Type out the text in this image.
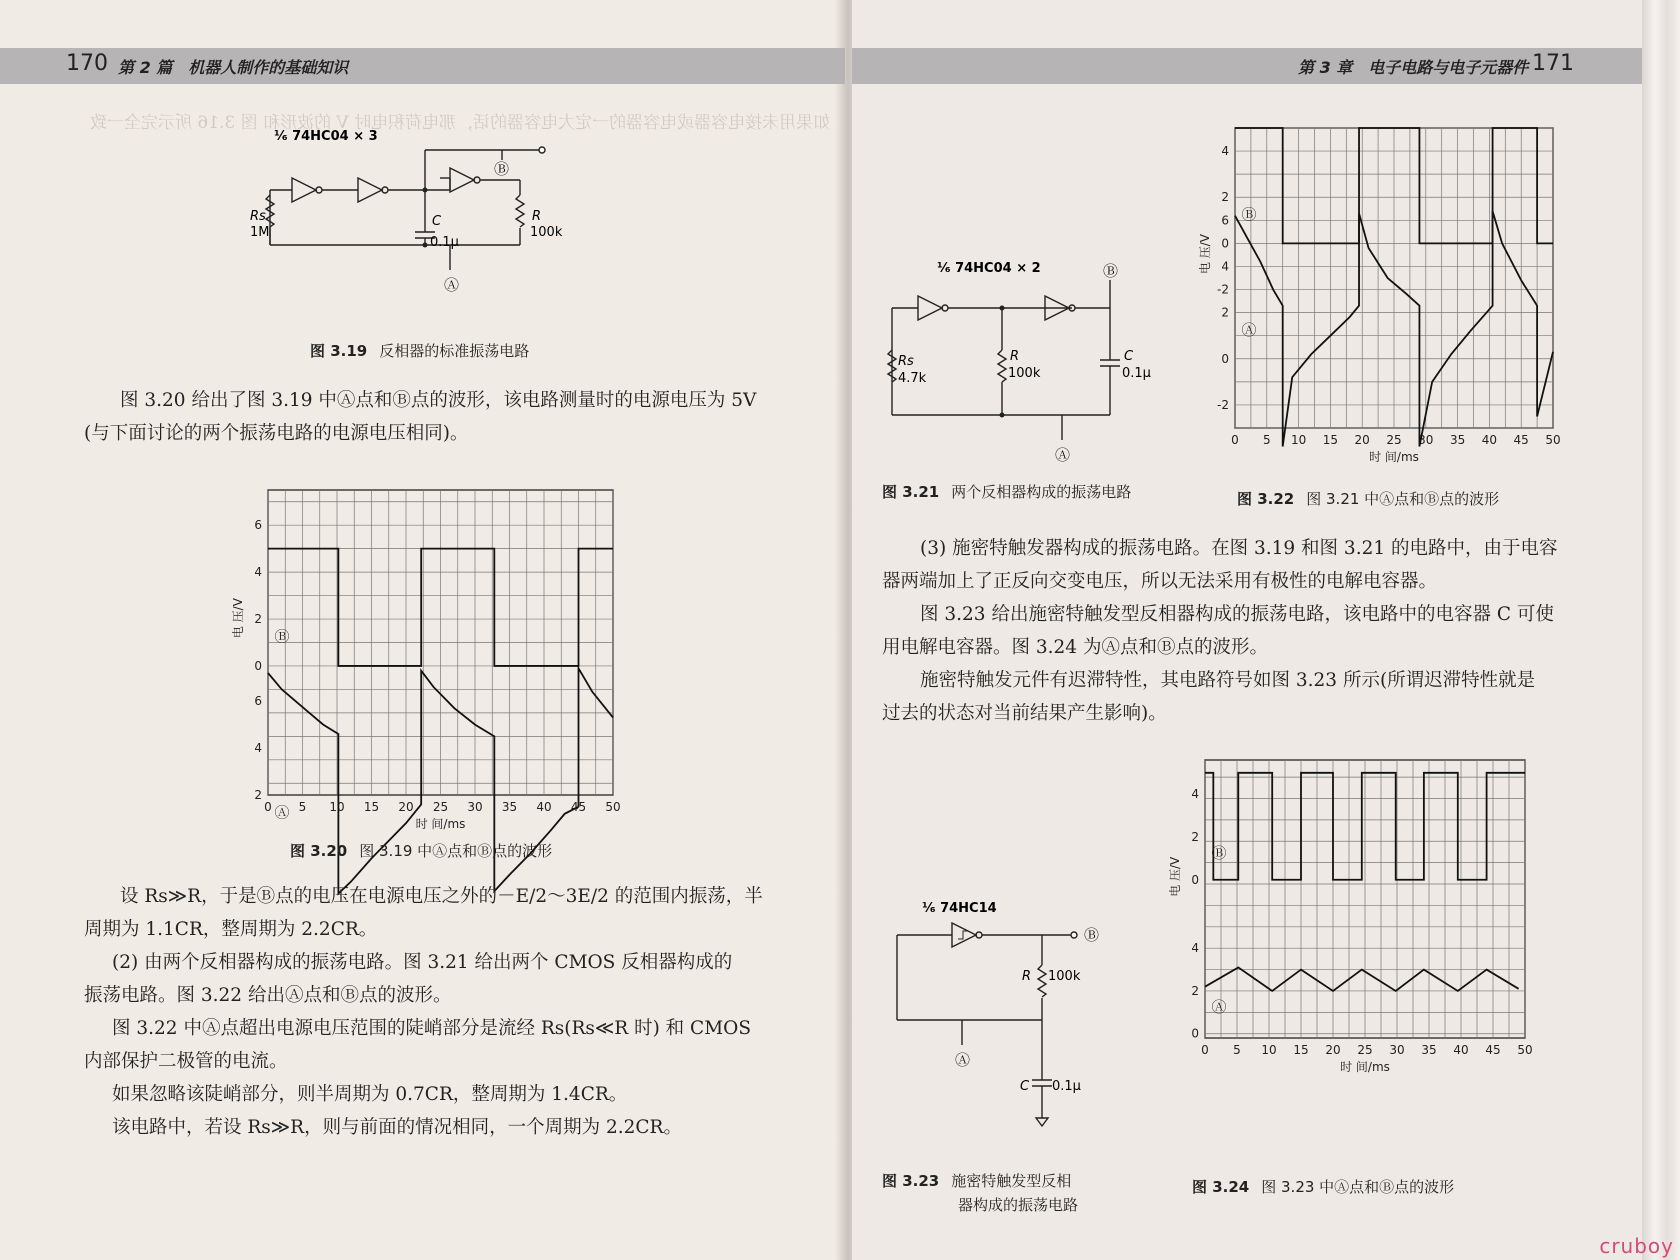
如果用未接电容器或电容器的一定大电容器的话，那电荷积电时 V 的波形和 图 3.16 所示完全一致
¹⁄₆ 74HC04 × 3
Rs
1M
C
0.1μ
R
100k
Ⓐ
Ⓑ
图 3.19 反相器的标准振荡电路
图 3.20 给出了图 3.19 中Ⓐ点和Ⓑ点的波形，该电路测量时的电源电压为 5V
(与下面讨论的两个振荡电路的电源电压相同)。
0 5 10 15 20 25 30 35 40 45 50
0
2
4
6
2
4
6
时 间/ms
电 压/V Ⓑ
Ⓐ
图 3.20 图 3.19 中Ⓐ点和Ⓑ点的波形
设 Rs≫R，于是Ⓑ点的电压在电源电压之外的－E/2～3E/2 的范围内振荡，半
周期为 1.1CR，整周期为 2.2CR。
(2) 由两个反相器构成的振荡电路。图 3.21 给出两个 CMOS 反相器构成的
振荡电路。图 3.22 给出Ⓐ点和Ⓑ点的波形。
图 3.22 中Ⓐ点超出电源电压范围的陡峭部分是流经 Rs(Rs≪R 时) 和 CMOS
内部保护二极管的电流。
如果忽略该陡峭部分，则半周期为 0.7CR，整周期为 1.4CR。
该电路中，若设 Rs≫R，则与前面的情况相同，一个周期为 2.2CR。
¹⁄₆ 74HC04 × 2
Rs
4.7k
R
100k
C
0.1μ
Ⓐ
Ⓑ
图 3.21 两个反相器构成的振荡电路
0 5 10 15 20 25 30 35 40 45 50
-2
0
2
4
-2
0
2
4
6
时 间/ms
电 压/V
Ⓑ
Ⓐ
0 5 10 15 20 25 30 35 40 45 50
0
2
4
0
2
4
时 间/ms
电 压/V
Ⓑ
Ⓐ
图 3.22 图 3.21 中Ⓐ点和Ⓑ点的波形
(3) 施密特触发器构成的振荡电路。在图 3.19 和图 3.21 的电路中，由于电容
器两端加上了正反向交变电压，所以无法采用有极性的电解电容器。
图 3.23 给出施密特触发型反相器构成的振荡电路，该电路中的电容器 C 可使
用电解电容器。图 3.24 为Ⓐ点和Ⓑ点的波形。
施密特触发元件有迟滞特性，其电路符号如图 3.23 所示(所谓迟滞特性就是
过去的状态对当前结果产生影响)。
¹⁄₆ 74HC14
R 100k
C 0.1μ
Ⓐ
Ⓑ
图 3.23 施密特触发型反相
器构成的振荡电路
图 3.24 图 3.23 中Ⓐ点和Ⓑ点的波形
170 第 2 篇　机器人制作的基础知识	第 3 章　电子电路与电子元器件 171
cruboy
